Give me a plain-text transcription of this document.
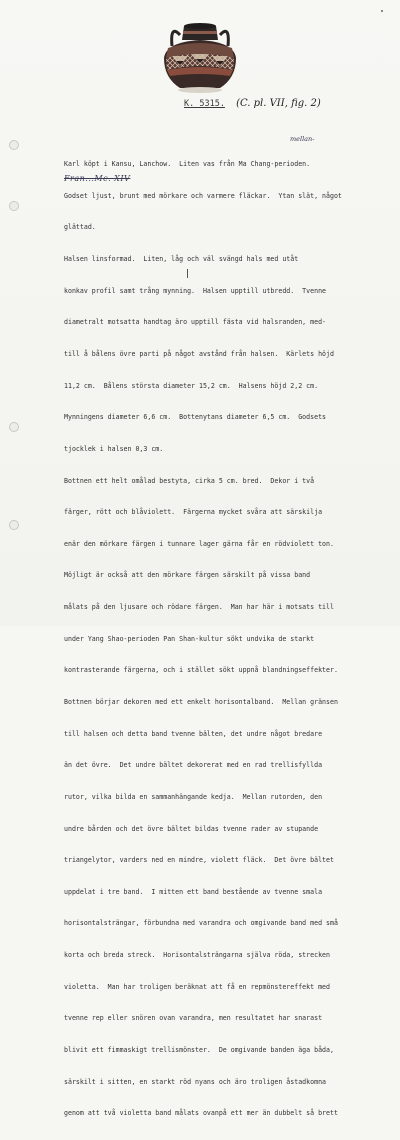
K. 5315. (C. pl. VII, fig. 2)
mellan-
Fran...Mc. XIV

Karl köpt i Kansu, Lanchow.  Liten vas från Ma Chang-perioden.

Godset ljust, brunt med mörkare och varmere fläckar.  Ytan slät, något

glättad.

Halsen linsformad.  Liten, låg och väl svängd hals med utåt

konkav profil samt trång mynning.  Halsen upptill utbredd.  Tvenne

diametralt motsatta handtag äro upptill fästa vid halsranden, med-

till å bålens övre parti på något avstånd från halsen.  Kärlets höjd

11,2 cm.  Bålens största diameter 15,2 cm.  Halsens höjd 2,2 cm.

Mynningens diameter 6,6 cm.  Bottenytans diameter 6,5 cm.  Godsets

tjocklek i halsen 0,3 cm.

Bottnen ett helt omålad bestyta, cirka 5 cm. bred.  Dekor i två

färger, rött och blåviolett.  Färgerna mycket svåra att särskilja

enär den mörkare färgen i tunnare lager gärna får en rödviolett ton.

Möjligt är också att den mörkare färgen särskilt på vissa band

målats på den ljusare och rödare färgen.  Man har här i motsats till

under Yang Shao-perioden Pan Shan-kultur sökt undvika de starkt

kontrasterande färgerna, och i stället sökt uppnå blandningseffekter.

Bottnen börjar dekoren med ett enkelt horisontalband.  Mellan gränsen

till halsen och detta band tvenne bälten, det undre något bredare

än det övre.  Det undre bältet dekorerat med en rad trellisfyllda

rutor, vilka bilda en sammanhängande kedja.  Mellan rutorden, den

undre bården och det övre bältet bildas tvenne rader av stupande

triangelytor, varders ned en mindre, violett fläck.  Det övre bältet

uppdelat i tre band.  I mitten ett band bestående av tvenne smala

horisontalsträngar, förbundna med varandra och omgivande band med små

korta och breda streck.  Horisontalsträngarna själva röda, strecken

violetta.  Man har troligen beräknat att få en repmönstereffekt med

tvenne rep eller snören ovan varandra, men resultatet har snarast

blivit ett fimmaskigt trellismönster.  De omgivande banden äga båda,

särskilt i sitten, en starkt röd nyans och äro troligen åstadkomna

genom att två violetta band målats ovanpå ett mer än dubbelt så brett
